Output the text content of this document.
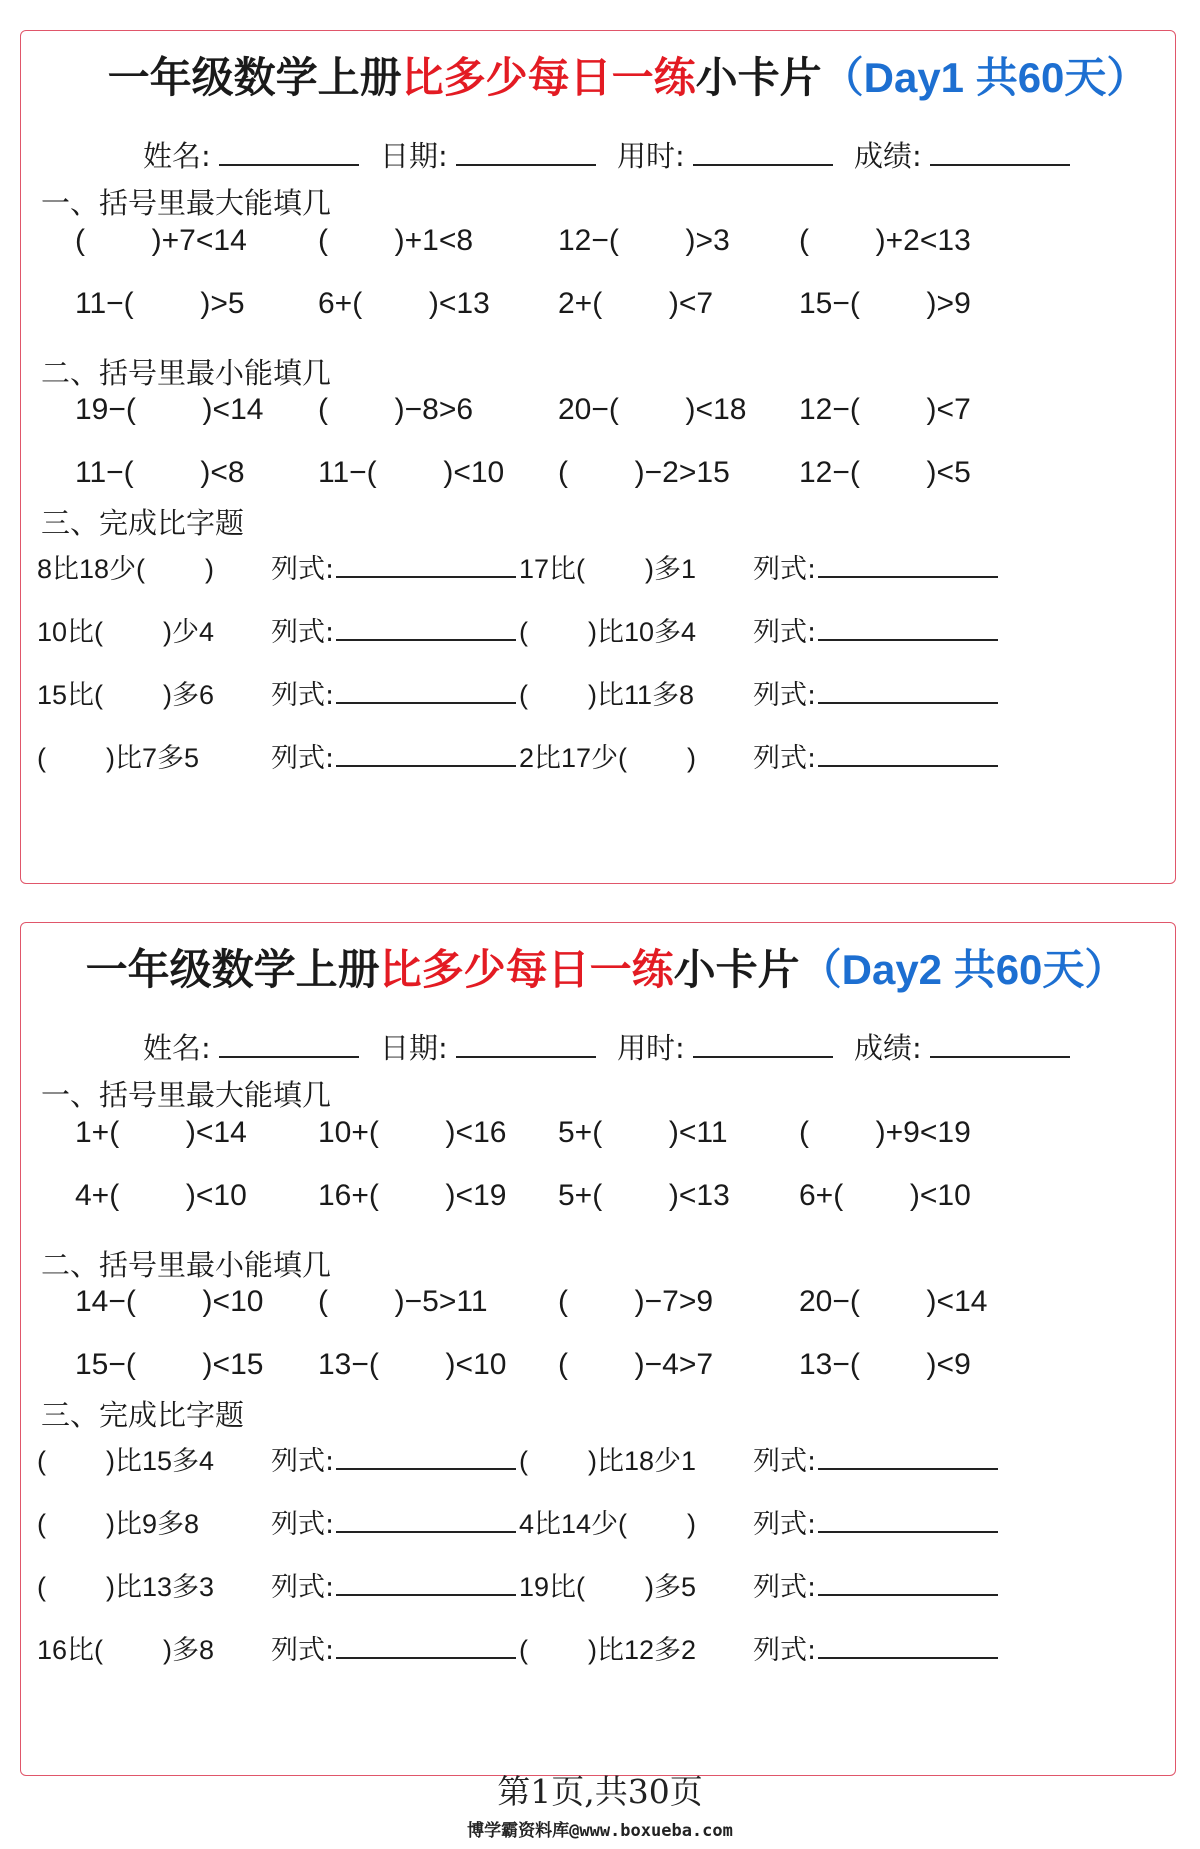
一年级数学上册比多少每日一练小卡片（Day1 共60天）
姓名:	日期:	用时:	成绩:
一、括号里最大能填几
(        )+7<14 (        )+1<8	12−(        )>3 (        )+2<13
11−(        )>5 6+(        )<13 2+(        )<7	15−(        )>9
二、括号里最小能填几
19−(        )<14 (        )−8>6	20−(        )<18 12−(        )<7
11−(        )<8 11−(        )<10 (        )−2>15 12−(        )<5
三、完成比字题
8比18少(        ) 列式:	17比(        )多1 列式:
10比(        )少4 列式:	(        )比10多4 列式:
15比(        )多6 列式:	(        )比11多8 列式:
(        )比7多5	列式:	2比17少(        ) 列式:
一年级数学上册比多少每日一练小卡片（Day2 共60天）
姓名:	日期:	用时:	成绩:
一、括号里最大能填几
1+(        )<14 10+(        )<16 5+(        )<11 (        )+9<19
4+(        )<10 16+(        )<19 5+(        )<13 6+(        )<10
二、括号里最小能填几
14−(        )<10 (        )−5>11 (        )−7>9	20−(        )<14
15−(        )<15 13−(        )<10 (        )−4>7	13−(        )<9
三、完成比字题
(        )比15多4 列式:	(        )比18少1 列式:
(        )比9多8	列式:	4比14少(        ) 列式:
(        )比13多3 列式:	19比(        )多5 列式:
16比(        )多8 列式:	(        )比12多2 列式:
第1页,共30页
博学霸资料库@www.boxueba.com
